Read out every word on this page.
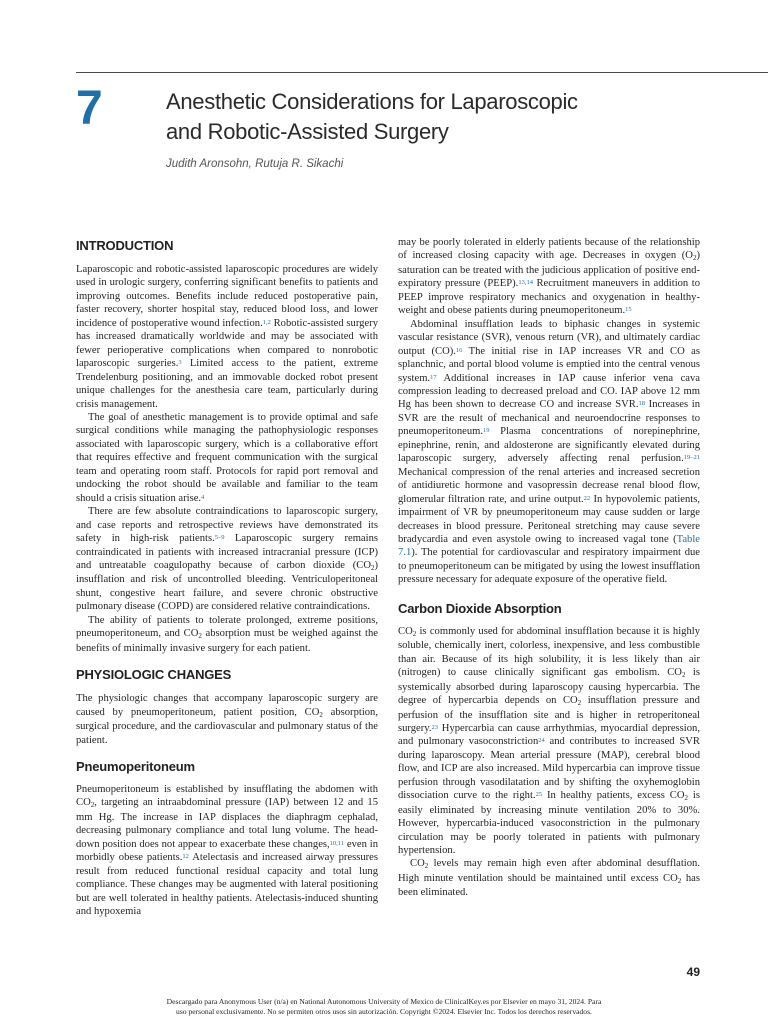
7	Anesthetic Considerations for Laparoscopic
and Robotic-Assisted Surgery
Judith Aronsohn, Rutuja R. Sikachi
INTRODUCTION

Laparoscopic and robotic-assisted laparoscopic procedures are widely used in urologic surgery, conferring significant benefits to patients and improving outcomes. Benefits include reduced postoperative pain, faster recovery, shorter hospital stay, reduced blood loss, and lower incidence of postoperative wound infection.$^{1,2}$ Robotic-assisted surgery has increased dramatically worldwide and may be associated with fewer perioperative complications when compared to nonrobotic laparoscopic surgeries.$^3$ Limited access to the patient, extreme Trendelenburg positioning, and an immovable docked robot present unique challenges for the anesthesia care team, particularly during crisis management.

The goal of anesthetic management is to provide optimal and safe surgical conditions while managing the pathophysiologic responses associated with laparoscopic surgery, which is a collaborative effort that requires effective and frequent communication with the surgical team and operating room staff. Protocols for rapid port removal and undocking the robot should be available and familiar to the team should a crisis situation arise.$^4$

There are few absolute contraindications to laparoscopic surgery, and case reports and retrospective reviews have demonstrated its safety in high-risk patients.$^{5-9}$ Laparoscopic surgery remains contraindicated in patients with increased intracranial pressure (ICP) and untreatable coagulopathy because of carbon dioxide $(CO_2)$ insufflation and risk of uncontrolled bleeding. Ventriculoperitoneal shunt, congestive heart failure, and severe chronic obstructive pulmonary disease (COPD) are considered relative contraindications.

The ability of patients to tolerate prolonged, extreme positions, pneumoperitoneum, and $CO_2$ absorption must be weighed against the benefits of minimally invasive surgery for each patient.

PHYSIOLOGIC CHANGES

The physiologic changes that accompany laparoscopic surgery are caused by pneumoperitoneum, patient position, $CO_2$ absorption, surgical procedure, and the cardiovascular and pulmonary status of the patient.

Pneumoperitoneum

Pneumoperitoneum is established by insufflating the abdomen with $CO_2$, targeting an intraabdominal pressure (IAP) between 12 and 15 mm Hg. The increase in IAP displaces the diaphragm cephalad, decreasing pulmonary compliance and total lung volume. The head-down position does not appear to exacerbate these changes,$^{10,11}$ even in morbidly obese patients.$^{12}$ Atelectasis and increased airway pressures result from reduced functional residual capacity and total lung compliance. These changes may be augmented with lateral positioning but are well tolerated in healthy patients. Atelectasis-induced shunting and hypoxemia

may be poorly tolerated in elderly patients because of the relationship of increased closing capacity with age. Decreases in oxygen $(O_2)$ saturation can be treated with the judicious application of positive end-expiratory pressure (PEEP).$^{13,14}$ Recruitment maneuvers in addition to PEEP improve respiratory mechanics and oxygenation in healthy-weight and obese patients during pneumoperitoneum.$^{15}$

Abdominal insufflation leads to biphasic changes in systemic vascular resistance (SVR), venous return (VR), and ultimately cardiac output (CO).$^{16}$ The initial rise in IAP increases VR and CO as splanchnic, and portal blood volume is emptied into the central venous system.$^{17}$ Additional increases in IAP cause inferior vena cava compression leading to decreased preload and CO. IAP above 12 mm Hg has been shown to decrease CO and increase SVR.$^{18}$ Increases in SVR are the result of mechanical and neuroendocrine responses to pneumoperitoneum.$^{19}$ Plasma concentrations of norepinephrine, epinephrine, renin, and aldosterone are significantly elevated during laparoscopic surgery, adversely affecting renal perfusion.$^{19-21}$ Mechanical compression of the renal arteries and increased secretion of antidiuretic hormone and vasopressin decrease renal blood flow, glomerular filtration rate, and urine output.$^{22}$ In hypovolemic patients, impairment of VR by pneumoperitoneum may cause sudden or large decreases in blood pressure. Peritoneal stretching may cause severe bradycardia and even asystole owing to increased vagal tone (Table 7.1). The potential for cardiovascular and respiratory impairment due to pneumoperitoneum can be mitigated by using the lowest insufflation pressure necessary for adequate exposure of the operative field.

Carbon Dioxide Absorption

$CO_2$ is commonly used for abdominal insufflation because it is highly soluble, chemically inert, colorless, inexpensive, and less combustible than air. Because of its high solubility, it is less likely than air (nitrogen) to cause clinically significant gas embolism. $CO_2$ is systemically absorbed during laparoscopy causing hypercarbia. The degree of hypercarbia depends on $CO_2$ insufflation pressure and perfusion of the insufflation site and is higher in retroperitoneal surgery.$^{23}$ Hypercarbia can cause arrhythmias, myocardial depression, and pulmonary vasoconstriction$^{24}$ and contributes to increased SVR during laparoscopy. Mean arterial pressure (MAP), cerebral blood flow, and ICP are also increased. Mild hypercarbia can improve tissue perfusion through vasodilatation and by shifting the oxyhemoglobin dissociation curve to the right.$^{25}$ In healthy patients, excess $CO_2$ is easily eliminated by increasing minute ventilation 20% to 30%. However, hypercarbia-induced vasoconstriction in the pulmonary circulation may be poorly tolerated in patients with pulmonary hypertension.

$CO_2$ levels may remain high even after abdominal desufflation. High minute ventilation should be maintained until excess $CO_2$ has been eliminated.

49
Descargado para Anonymous User (n/a) en National Autonomous University of Mexico de ClinicalKey.es por Elsevier en mayo 31, 2024. Para
uso personal exclusivamente. No se permiten otros usos sin autorización. Copyright ©2024. Elsevier Inc. Todos los derechos reservados.
